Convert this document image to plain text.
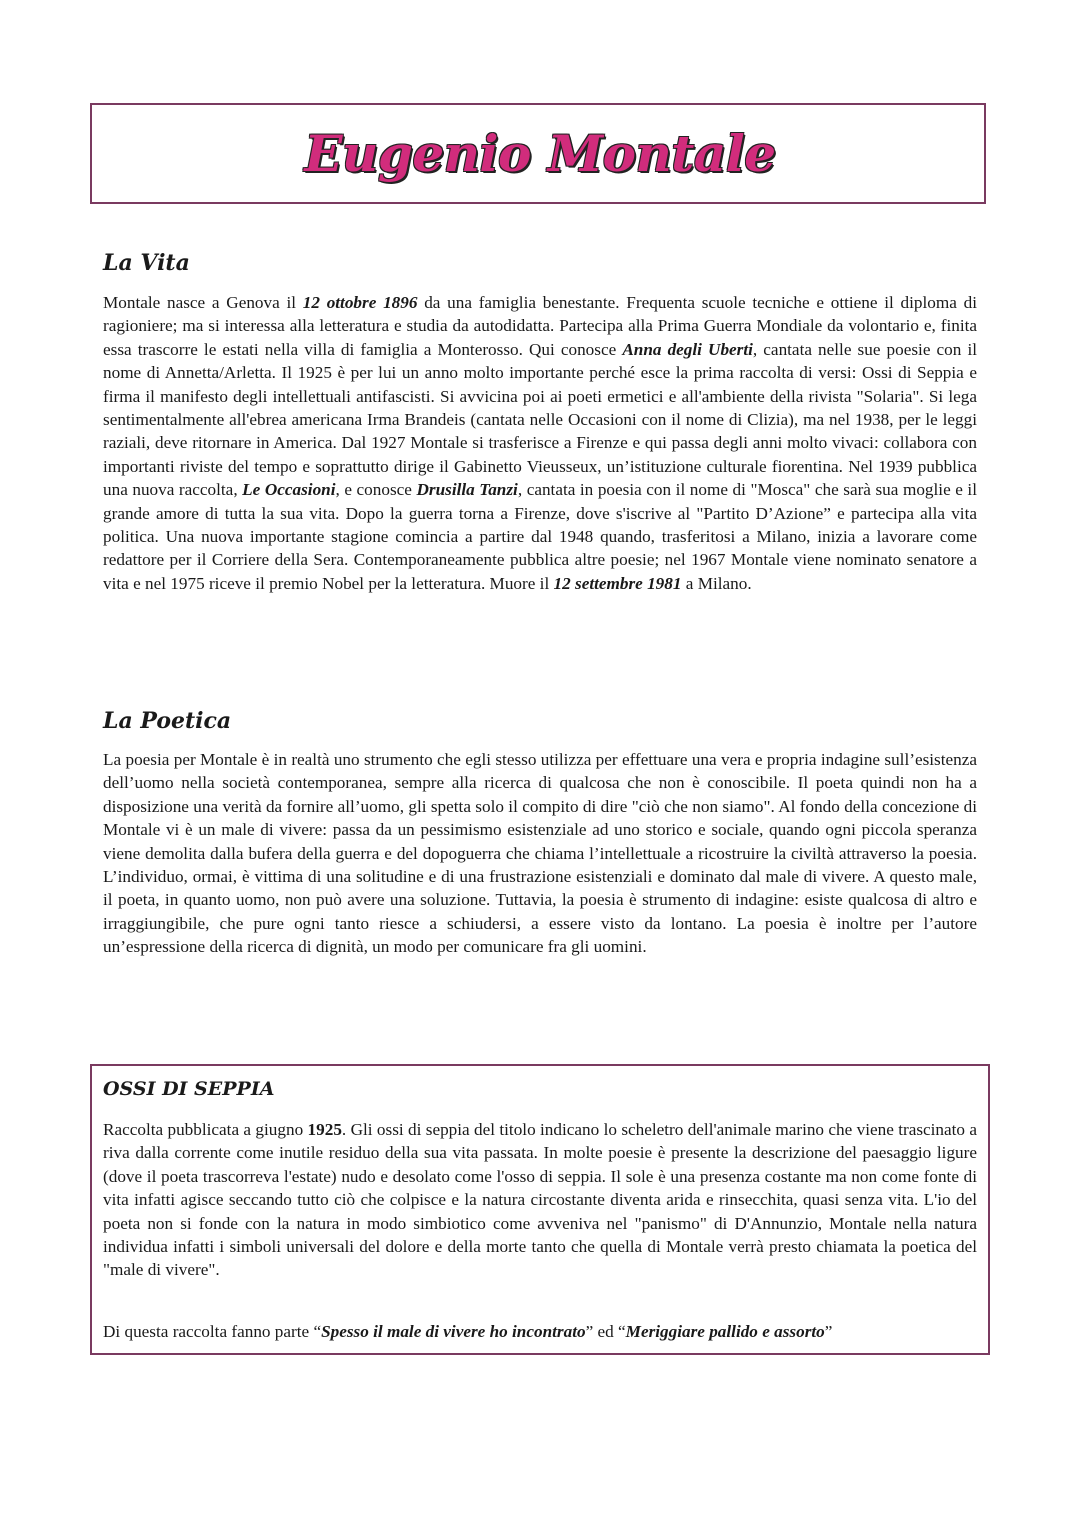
Eugenio Montale
La Vita

Montale nasce a Genova il 12 ottobre 1896 da una famiglia benestante. Frequenta scuole tecniche e ottiene il diploma di ragioniere; ma si interessa alla letteratura e studia da autodidatta. Partecipa alla Prima Guerra Mondiale da volontario e, finita essa trascorre le estati nella villa di famiglia a Monterosso. Qui conosce Anna degli Uberti, cantata nelle sue poesie con il nome di Annetta/Arletta. Il 1925 è per lui un anno molto importante perché esce la prima raccolta di versi: Ossi di Seppia e firma il manifesto degli intellettuali antifascisti. Si avvicina poi ai poeti ermetici e all'ambiente della rivista "Solaria". Si lega sentimentalmente all'ebrea americana Irma Brandeis (cantata nelle Occasioni con il nome di Clizia), ma nel 1938, per le leggi raziali, deve ritornare in America. Dal 1927 Montale si trasferisce a Firenze e qui passa degli anni molto vivaci: collabora con importanti riviste del tempo e soprattutto dirige il Gabinetto Vieusseux, un’istituzione culturale fiorentina. Nel 1939 pubblica una nuova raccolta, Le Occasioni, e conosce Drusilla Tanzi, cantata in poesia con il nome di "Mosca" che sarà sua moglie e il grande amore di tutta la sua vita. Dopo la guerra torna a Firenze, dove s'iscrive al "Partito D’Azione” e partecipa alla vita politica. Una nuova importante stagione comincia a partire dal 1948 quando, trasferitosi a Milano, inizia a lavorare come redattore per il Corriere della Sera. Contemporaneamente pubblica altre poesie; nel 1967 Montale viene nominato senatore a vita e nel 1975 riceve il premio Nobel per la letteratura. Muore il 12 settembre 1981 a Milano.

La Poetica

La poesia per Montale è in realtà uno strumento che egli stesso utilizza per effettuare una vera e propria indagine sull’esistenza dell’uomo nella società contemporanea, sempre alla ricerca di qualcosa che non è conoscibile. Il poeta quindi non ha a disposizione una verità da fornire all’uomo, gli spetta solo il compito di dire "ciò che non siamo". Al fondo della concezione di Montale vi è un male di vivere: passa da un pessimismo esistenziale ad uno storico e sociale, quando ogni piccola speranza viene demolita dalla bufera della guerra e del dopoguerra che chiama l’intellettuale a ricostruire la civiltà attraverso la poesia. L’individuo, ormai, è vittima di una solitudine e di una frustrazione esistenziali e dominato dal male di vivere. A questo male, il poeta, in quanto uomo, non può avere una soluzione. Tuttavia, la poesia è strumento di indagine: esiste qualcosa di altro e irraggiungibile, che pure ogni tanto riesce a schiudersi, a essere visto da lontano. La poesia è inoltre per l’autore un’espressione della ricerca di dignità, un modo per comunicare fra gli uomini.

OSSI DI SEPPIA

Raccolta pubblicata a giugno 1925. Gli ossi di seppia del titolo indicano lo scheletro dell'animale marino che viene trascinato a riva dalla corrente come inutile residuo della sua vita passata. In molte poesie è presente la descrizione del paesaggio ligure (dove il poeta trascorreva l'estate) nudo e desolato come l'osso di seppia. Il sole è una presenza costante ma non come fonte di vita infatti agisce seccando tutto ciò che colpisce e la natura circostante diventa arida e rinsecchita, quasi senza vita. L'io del poeta non si fonde con la natura in modo simbiotico come avveniva nel "panismo" di D'Annunzio, Montale nella natura individua infatti i simboli universali del dolore e della morte tanto che quella di Montale verrà presto chiamata la poetica del "male di vivere".

Di questa raccolta fanno parte “Spesso il male di vivere ho incontrato” ed “Meriggiare pallido e assorto”
